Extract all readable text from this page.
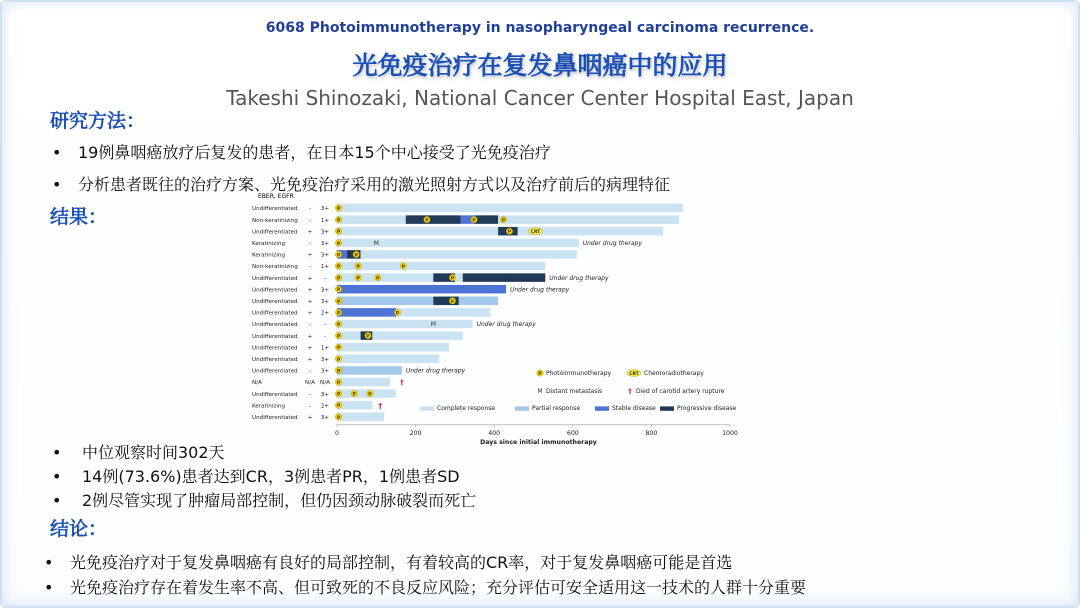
6068 Photoimmunotherapy in nasopharyngeal carcinoma recurrence.
光免疫治疗在复发鼻咽癌中的应用
Takeshi Shinozaki, National Cancer Center Hospital East, Japan
研究方法：
• 19例鼻咽癌放疗后复发的患者，在日本15个中心接受了光免疫治疗
• 分析患者既往的治疗方案、光免疫治疗采用的激光照射方式以及治疗前后的病理特征
结果：
EBER, EGFR
Undifferentiated - 3+ P
Non-keratinizing - 1+ P	P	P	P
Undifferentiated + 3+ P	P	CRT
Keratinizing	- 3+ P	M	Under drug therapy
Keratinizing	+ 3+ P	P
Non-keratinizing - 1+ P	P	P
Undifferentiated + - P	P	P	P	M	Under drug therapy
Undifferentiated + 3+ P	Under drug therapy
Undifferentiated + 3+ P	P
Undifferentiated + 2+ P	P
Undifferentiated - - P	M	Under drug therapy
Undifferentiated + - P	P
Undifferentiated + 1+ P
Undifferentiated + 3+ P
Undifferentiated - 3+ P	Under drug therapy
N/A	N/A N/A P	†
Undifferentiated - 3+ P	P	P
Keratinizing	- 2+ P	†
Undifferentiated + 3+ P
0	200	400	600	800	1000
Days since initial immunotherapy
P Photoimmunotherapy	CRT Chemoradiotherapy
M Distant metastasis	† Died of carotid artery rupture
Complete response	Partial response	Stable disease	Progressive disease
• 中位观察时间302天
• 14例(73.6%)患者达到CR，3例患者PR，1例患者SD
• 2例尽管实现了肿瘤局部控制，但仍因颈动脉破裂而死亡
结论：
• 光免疫治疗对于复发鼻咽癌有良好的局部控制，有着较高的CR率，对于复发鼻咽癌可能是首选
• 光免疫治疗存在着发生率不高、但可致死的不良反应风险；充分评估可安全适用这一技术的人群十分重要
